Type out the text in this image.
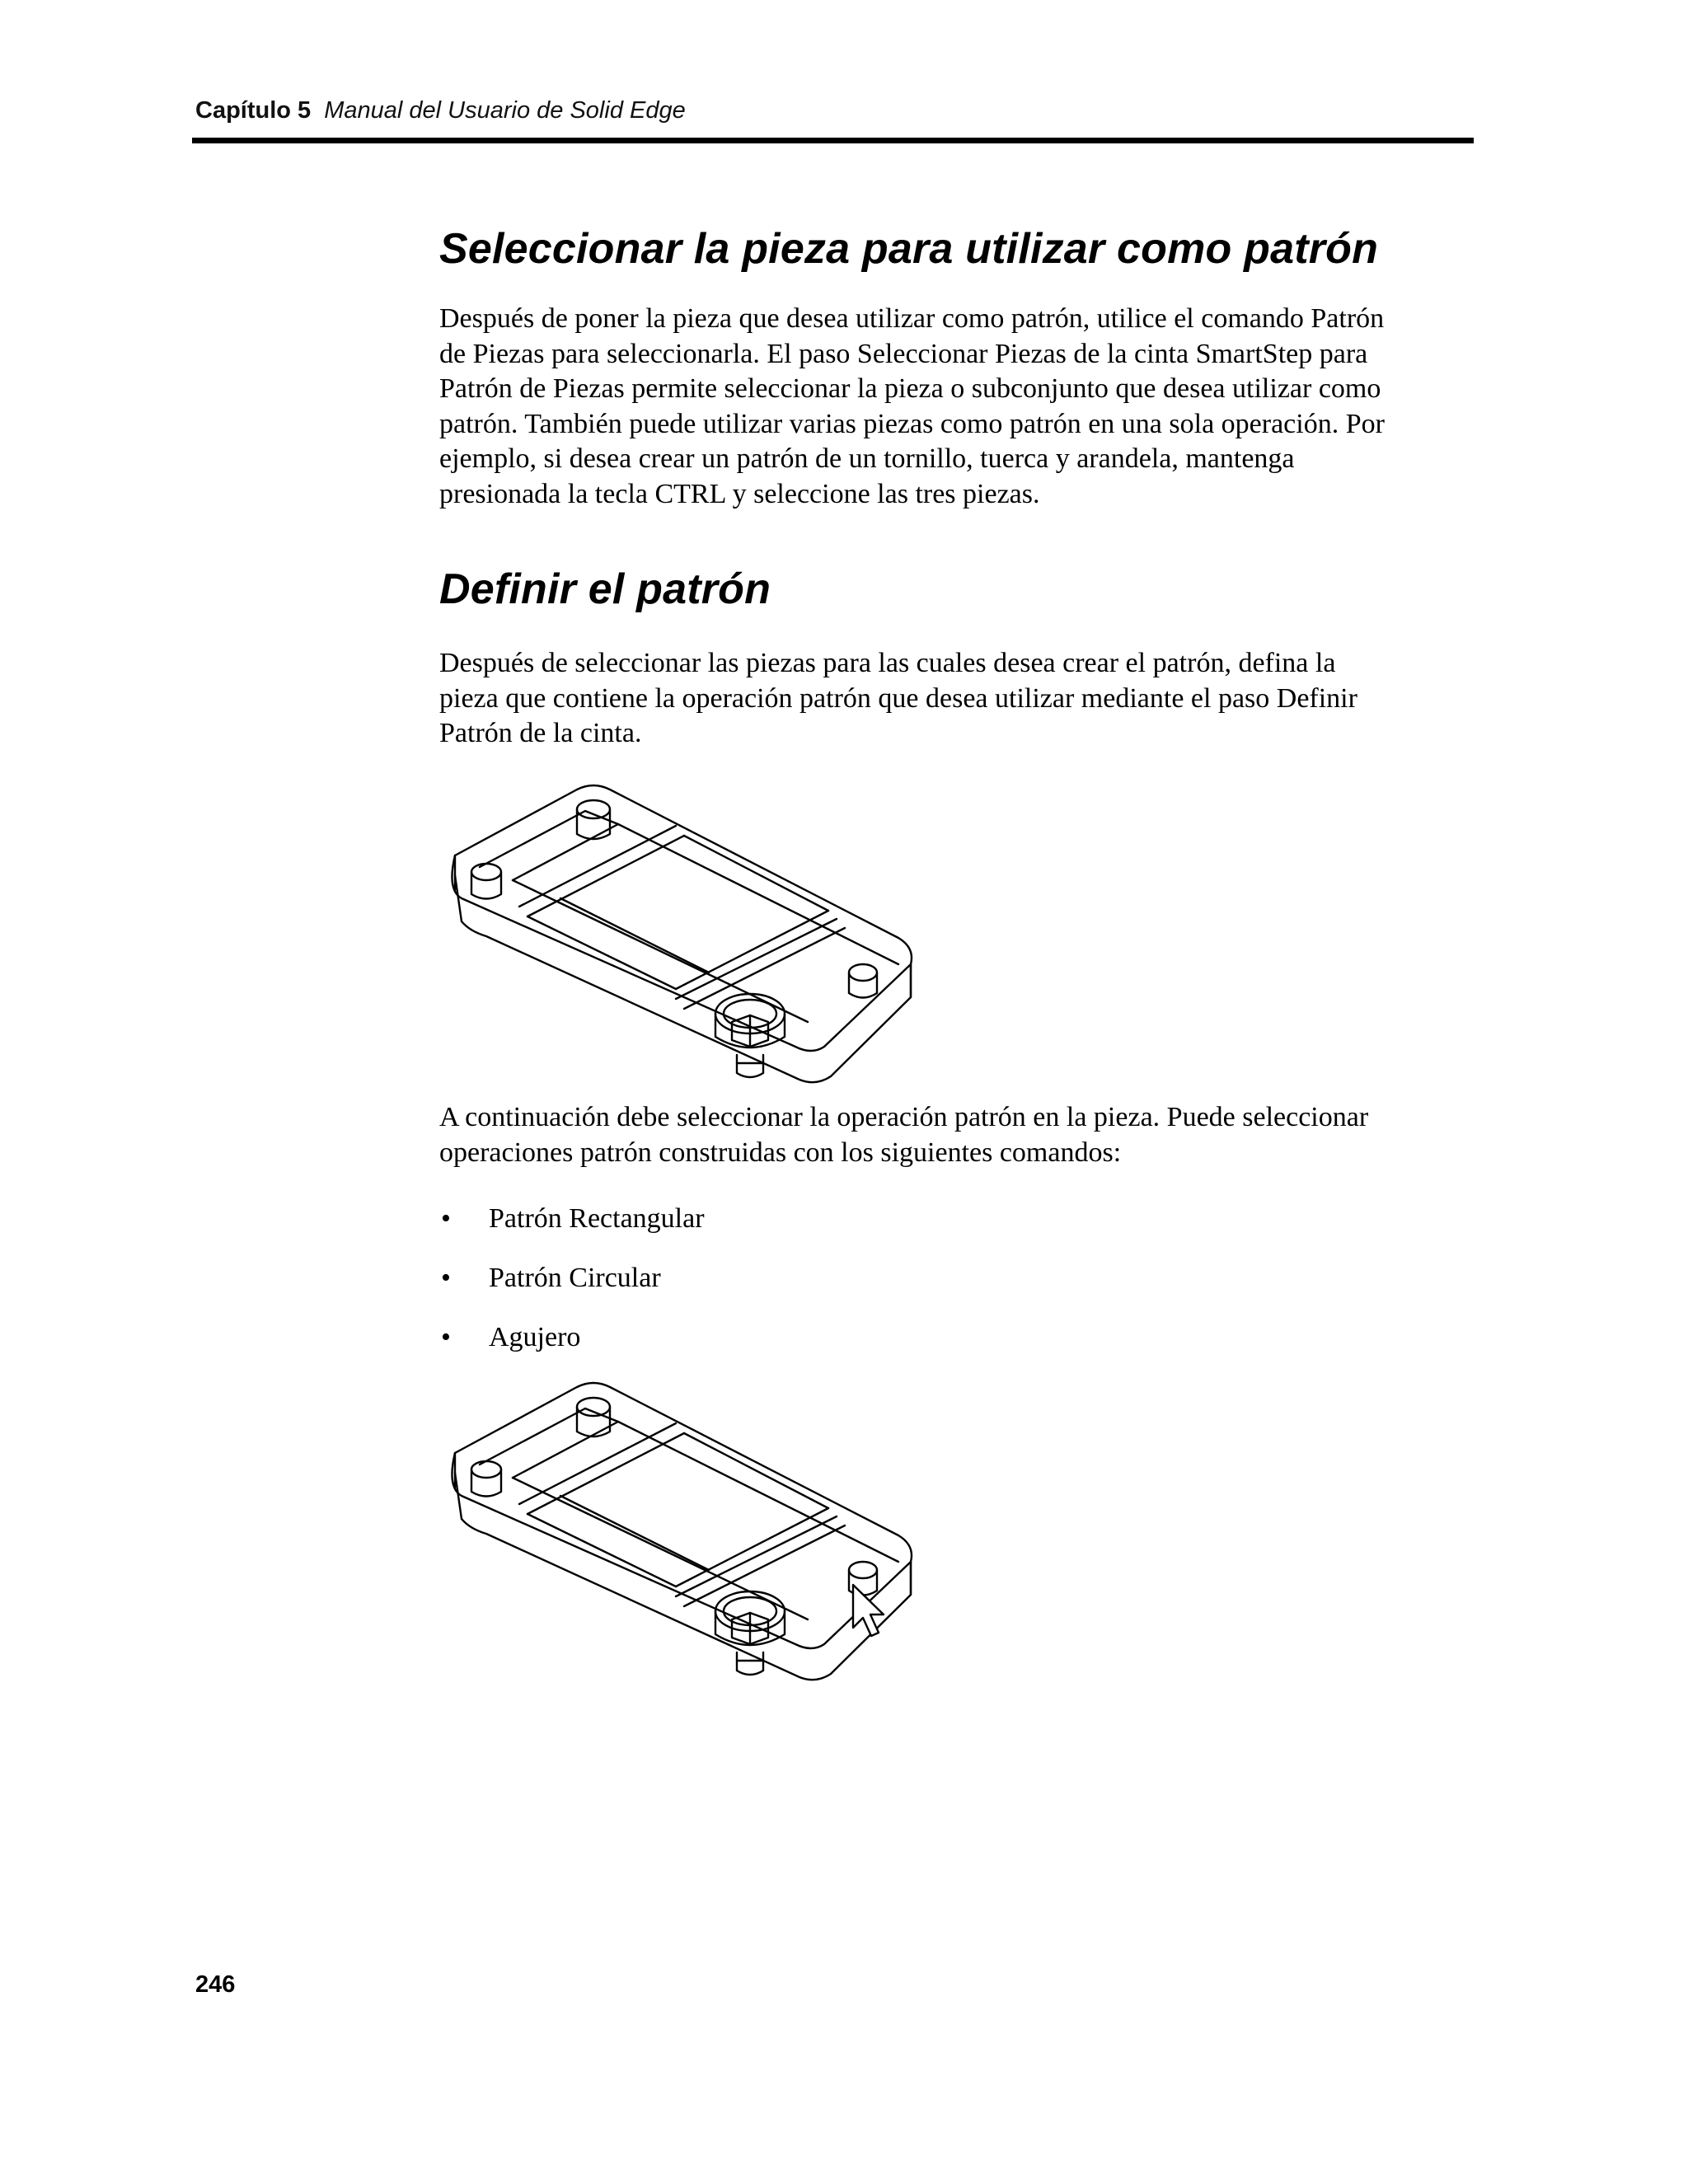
Capítulo 5 Manual del Usuario de Solid Edge
Seleccionar la pieza para utilizar como patrón

Después de poner la pieza que desea utilizar como patrón, utilice el comando Patrón

de Piezas para seleccionarla. El paso Seleccionar Piezas de la cinta SmartStep para

Patrón de Piezas permite seleccionar la pieza o subconjunto que desea utilizar como

patrón. También puede utilizar varias piezas como patrón en una sola operación. Por

ejemplo, si desea crear un patrón de un tornillo, tuerca y arandela, mantenga

presionada la tecla CTRL y seleccione las tres piezas.

Definir el patrón

Después de seleccionar las piezas para las cuales desea crear el patrón, defina la

pieza que contiene la operación patrón que desea utilizar mediante el paso Definir

Patrón de la cinta.

A continuación debe seleccionar la operación patrón en la pieza. Puede seleccionar

operaciones patrón construidas con los siguientes comandos:

• Patrón Rectangular
• Patrón Circular
• Agujero
246
